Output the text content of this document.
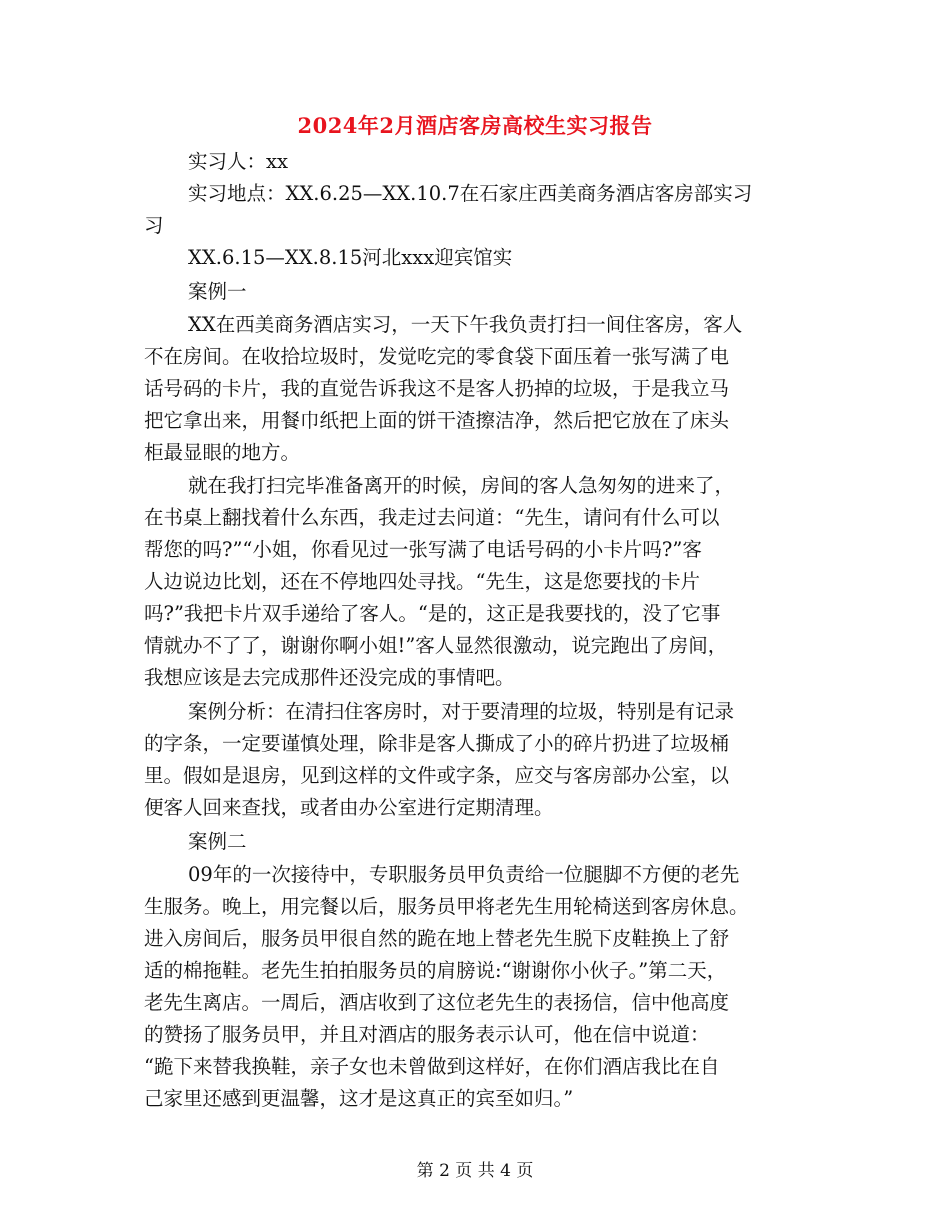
2024年2月酒店客房高校生实习报告
实习人：xx
实习地点：XX.6.25—XX.10.7在石家庄西美商务酒店客房部实习
习
XX.6.15—XX.8.15河北xxx迎宾馆实
案例一
XX在西美商务酒店实习，一天下午我负责打扫一间住客房，客人
不在房间。在收拾垃圾时，发觉吃完的零食袋下面压着一张写满了电
话号码的卡片，我的直觉告诉我这不是客人扔掉的垃圾，于是我立马
把它拿出来，用餐巾纸把上面的饼干渣擦洁净，然后把它放在了床头
柜最显眼的地方。
就在我打扫完毕准备离开的时候，房间的客人急匆匆的进来了，
在书桌上翻找着什么东西，我走过去问道：“先生，请问有什么可以
帮您的吗?”“小姐，你看见过一张写满了电话号码的小卡片吗?”客
人边说边比划，还在不停地四处寻找。“先生，这是您要找的卡片
吗?”我把卡片双手递给了客人。“是的，这正是我要找的，没了它事
情就办不了了，谢谢你啊小姐!”客人显然很激动，说完跑出了房间，
我想应该是去完成那件还没完成的事情吧。
案例分析：在清扫住客房时，对于要清理的垃圾，特别是有记录
的字条，一定要谨慎处理，除非是客人撕成了小的碎片扔进了垃圾桶
里。假如是退房，见到这样的文件或字条，应交与客房部办公室，以
便客人回来查找，或者由办公室进行定期清理。
案例二
09年的一次接待中，专职服务员甲负责给一位腿脚不方便的老先
生服务。晚上，用完餐以后，服务员甲将老先生用轮椅送到客房休息。
进入房间后，服务员甲很自然的跪在地上替老先生脱下皮鞋换上了舒
适的棉拖鞋。老先生拍拍服务员的肩膀说:“谢谢你小伙子。”第二天，
老先生离店。一周后，酒店收到了这位老先生的表扬信，信中他高度
的赞扬了服务员甲，并且对酒店的服务表示认可，他在信中说道：
“跪下来替我换鞋，亲子女也未曾做到这样好，在你们酒店我比在自
己家里还感到更温馨，这才是这真正的宾至如归。”
第 2 页 共 4 页
